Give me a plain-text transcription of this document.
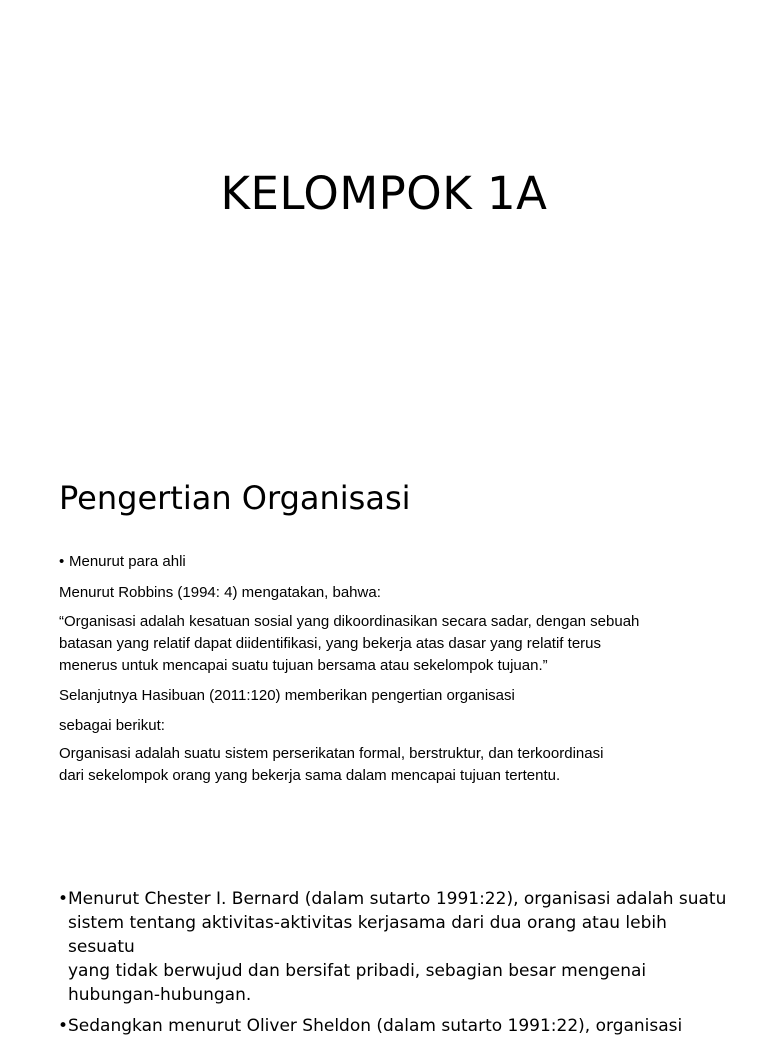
KELOMPOK 1A
Pengertian Organisasi
• Menurut para ahli
Menurut Robbins (1994: 4) mengatakan, bahwa:
“Organisasi adalah kesatuan sosial yang dikoordinasikan secara sadar, dengan sebuah
batasan yang relatif dapat diidentifikasi, yang bekerja atas dasar yang relatif terus
menerus untuk mencapai suatu tujuan bersama atau sekelompok tujuan.”
Selanjutnya Hasibuan (2011:120) memberikan pengertian organisasi
sebagai berikut:
Organisasi adalah suatu sistem perserikatan formal, berstruktur, dan terkoordinasi
dari sekelompok orang yang bekerja sama dalam mencapai tujuan tertentu.
• Menurut Chester I. Bernard (dalam sutarto 1991:22), organisasi adalah suatu
sistem tentang aktivitas-aktivitas kerjasama dari dua orang atau lebih sesuatu
yang tidak berwujud dan bersifat pribadi, sebagian besar mengenai
hubungan-hubungan.
• Sedangkan menurut Oliver Sheldon (dalam sutarto 1991:22), organisasi
